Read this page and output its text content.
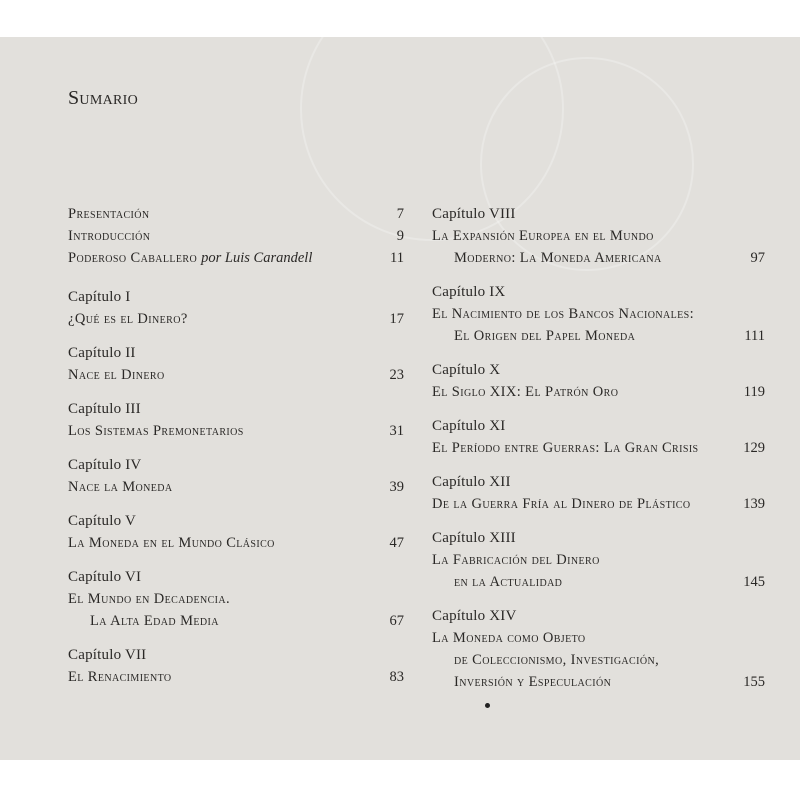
Sumario
Presentación	7
Introducción	9
Poderoso Caballero por Luis Carandell	11
Capítulo I
¿Qué es el Dinero?	17
Capítulo II
Nace el Dinero	23
Capítulo III
Los Sistemas Premonetarios	31
Capítulo IV
Nace la Moneda	39
Capítulo V
La Moneda en el Mundo Clásico	47
Capítulo VI
El Mundo en Decadencia.
La Alta Edad Media	67
Capítulo VII
El Renacimiento	83
Capítulo VIII
La Expansión Europea en el Mundo
Moderno: La Moneda Americana	97
Capítulo IX
El Nacimiento de los Bancos Nacionales:
El Origen del Papel Moneda	111
Capítulo X
El Siglo XIX: El Patrón Oro	119
Capítulo XI
El Período entre Guerras: La Gran Crisis	129
Capítulo XII
De la Guerra Fría al Dinero de Plástico	139
Capítulo XIII
La Fabricación del Dinero
en la Actualidad	145
Capítulo XIV
La Moneda como Objeto
de Coleccionismo, Investigación,
Inversión y Especulación	155
